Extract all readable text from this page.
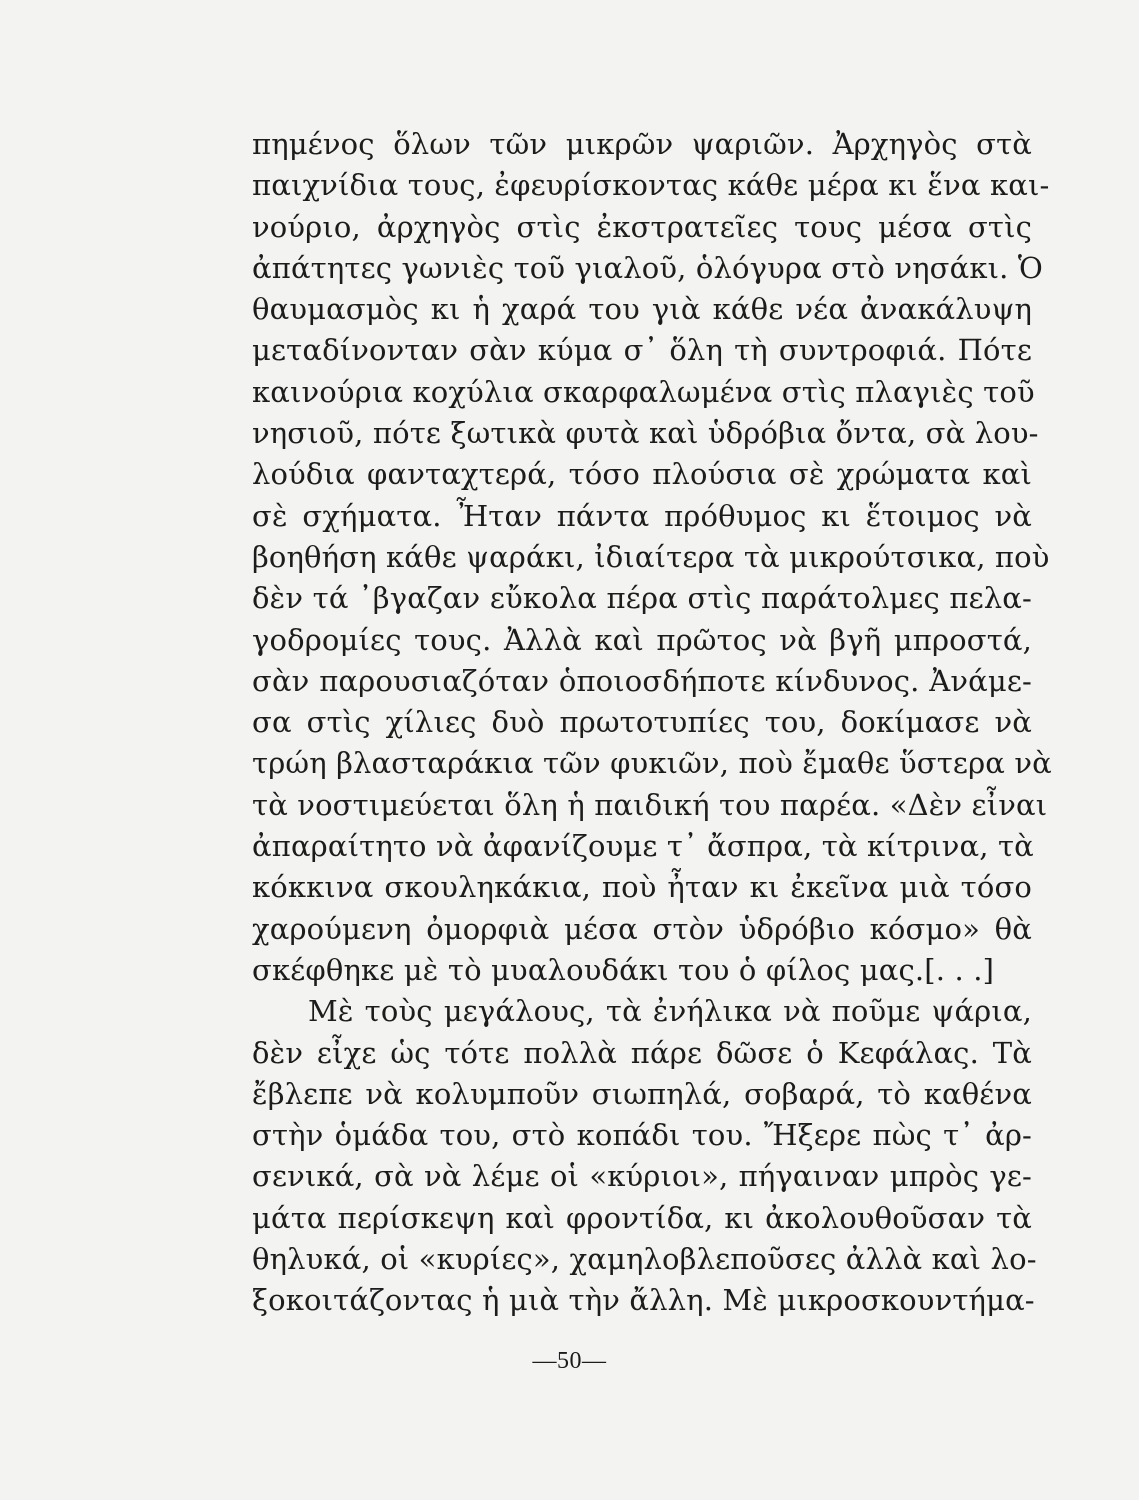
πημένος ὅλων τῶν μικρῶν ψαριῶν. Ἀρχηγὸς στὰ
παιχνίδια τους, ἐφευρίσκοντας κάθε μέρα κι ἕνα και-
νούριο, ἀρχηγὸς στὶς ἐκστρατεῖες τους μέσα στὶς
ἀπάτητες γωνιὲς τοῦ γιαλοῦ, ὁλόγυρα στὸ νησάκι. Ὁ
θαυμασμὸς κι ἡ χαρά του γιὰ κάθε νέα ἀνακάλυψη
μεταδίνονταν σὰν κύμα σ᾽ ὅλη τὴ συντροφιά. Πότε
καινούρια κοχύλια σκαρφαλωμένα στὶς πλαγιὲς τοῦ
νησιοῦ, πότε ξωτικὰ φυτὰ καὶ ὑδρόβια ὄντα, σὰ λου-
λούδια φανταχτερά, τόσο πλούσια σὲ χρώματα καὶ
σὲ σχήματα. Ἦταν πάντα πρόθυμος κι ἕτοιμος νὰ
βοηθήση κάθε ψαράκι, ἰδιαίτερα τὰ μικρούτσικα, ποὺ
δὲν τά ᾽βγαζαν εὔκολα πέρα στὶς παράτολμες πελα-
γοδρομίες τους. Ἀλλὰ καὶ πρῶτος νὰ βγῆ μπροστά,
σὰν παρουσιαζόταν ὁποιοσδήποτε κίνδυνος. Ἀνάμε-
σα στὶς χίλιες δυὸ πρωτοτυπίες του, δοκίμασε νὰ
τρώη βλασταράκια τῶν φυκιῶν, ποὺ ἔμαθε ὕστερα νὰ
τὰ νοστιμεύεται ὅλη ἡ παιδική του παρέα. «Δὲν εἶναι
ἀπαραίτητο νὰ ἀφανίζουμε τ᾽ ἄσπρα, τὰ κίτρινα, τὰ
κόκκινα σκουληκάκια, ποὺ ἦταν κι ἐκεῖνα μιὰ τόσο
χαρούμενη ὀμορφιὰ μέσα στὸν ὑδρόβιο κόσμο» θὰ
σκέφθηκε μὲ τὸ μυαλουδάκι του ὁ φίλος μας.[. . .]
Μὲ τοὺς μεγάλους, τὰ ἐνήλικα νὰ ποῦμε ψάρια,
δὲν εἶχε ὡς τότε πολλὰ πάρε δῶσε ὁ Κεφάλας. Τὰ
ἔβλεπε νὰ κολυμποῦν σιωπηλά, σοβαρά, τὸ καθένα
στὴν ὁμάδα του, στὸ κοπάδι του. Ἤξερε πὼς τ᾽ ἀρ-
σενικά, σὰ νὰ λέμε οἱ «κύριοι», πήγαιναν μπρὸς γε-
μάτα περίσκεψη καὶ φροντίδα, κι ἀκολουθοῦσαν τὰ
θηλυκά, οἱ «κυρίες», χαμηλοβλεποῦσες ἀλλὰ καὶ λο-
ξοκοιτάζοντας ἡ μιὰ τὴν ἄλλη. Μὲ μικροσκουντήμα-
—50—
